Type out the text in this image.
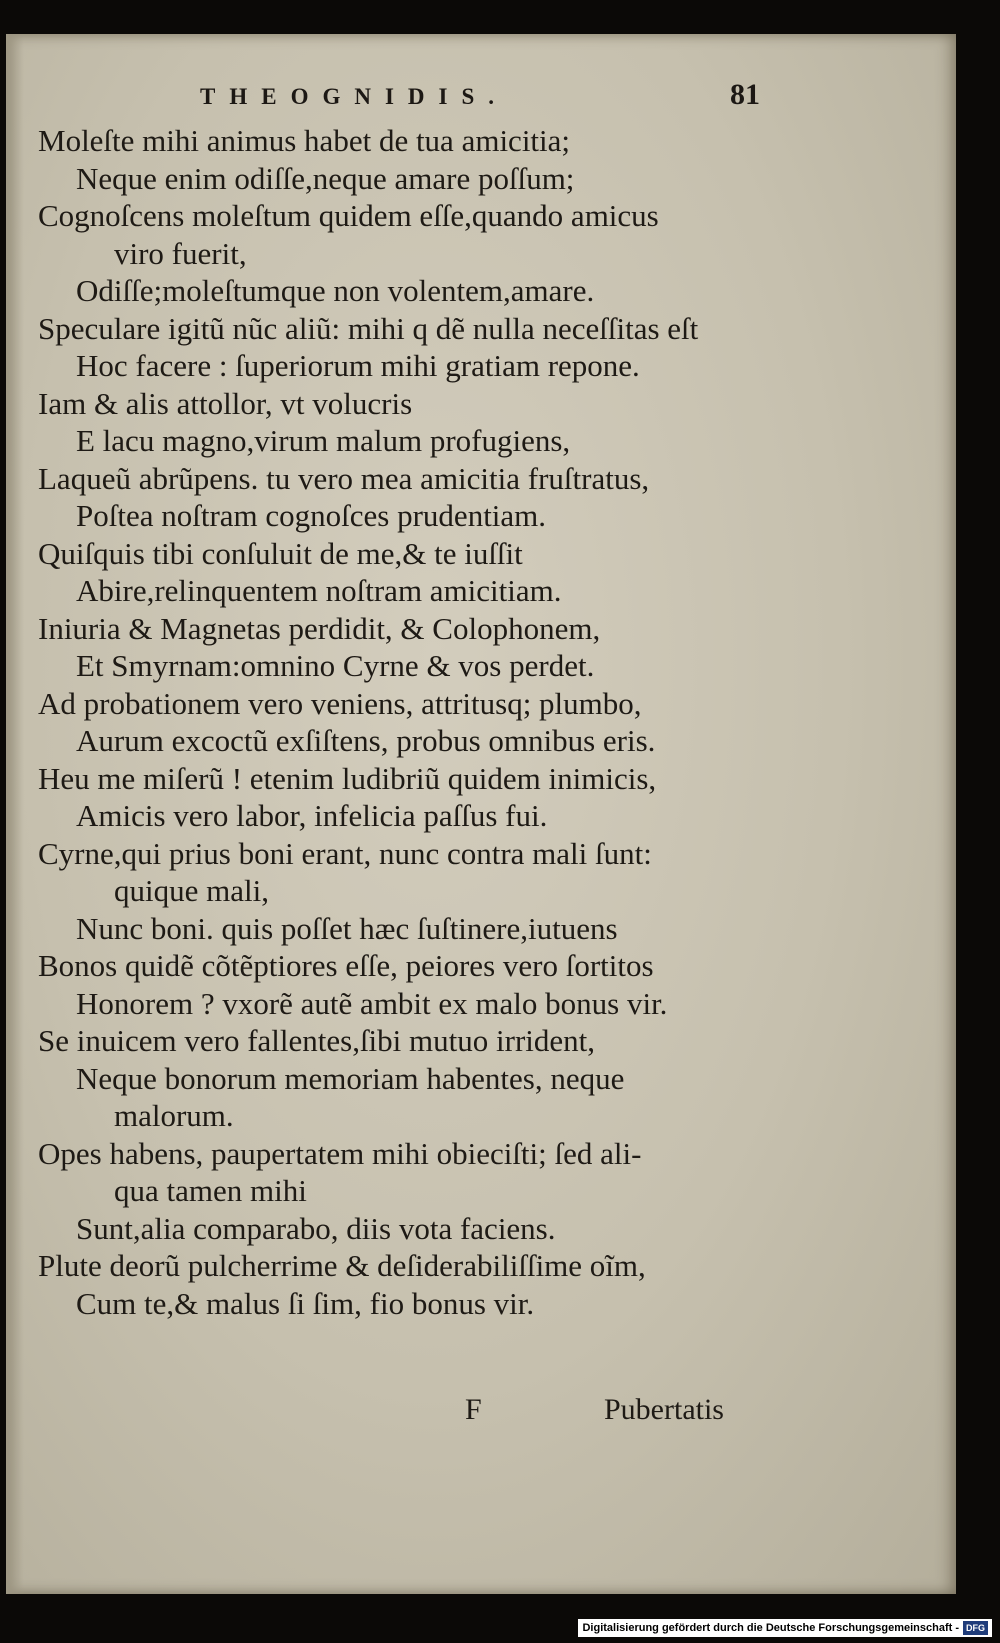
THEOGNIDIS.	81
Moleſte mihi animus habet de tua amicitia;
Neque enim odiſſe,neque amare poſſum;
Cognoſcens moleſtum quidem eſſe,quando amicus
viro fuerit,
Odiſſe;moleſtumque non volentem,amare.
Speculare igitũ nũc aliũ: mihi q dẽ nulla neceſſitas eſt
Hoc facere : ſuperiorum mihi gratiam repone.
Iam & alis attollor, vt volucris
E lacu magno,virum malum profugiens,
Laqueũ abrũpens. tu vero mea amicitia fruſtratus,
Poſtea noſtram cognoſces prudentiam.
Quiſquis tibi conſuluit de me,& te iuſſit
Abire,relinquentem noſtram amicitiam.
Iniuria & Magnetas perdidit, & Colophonem,
Et Smyrnam:omnino Cyrne & vos perdet.
Ad probationem vero veniens, attritusq; plumbo,
Aurum excoctũ exſiſtens, probus omnibus eris.
Heu me miſerũ ! etenim ludibriũ quidem inimicis,
Amicis vero labor, infelicia paſſus fui.
Cyrne,qui prius boni erant, nunc contra mali ſunt:
quique mali,
Nunc boni. quis poſſet hæc ſuſtinere,iutuens
Bonos quidẽ cõtẽptiores eſſe, peiores vero ſortitos
Honorem ? vxorẽ autẽ ambit ex malo bonus vir.
Se inuicem vero fallentes,ſibi mutuo irrident,
Neque bonorum memoriam habentes, neque
malorum.
Opes habens, paupertatem mihi obieciſti; ſed ali-
qua tamen mihi
Sunt,alia comparabo, diis vota faciens.
Plute deorũ pulcherrime & deſiderabiliſſime oĩm,
Cum te,& malus ſi ſim, fio bonus vir.
F	Pubertatis
Digitalisierung gefördert durch die Deutsche Forschungsgemeinschaft - DFG
